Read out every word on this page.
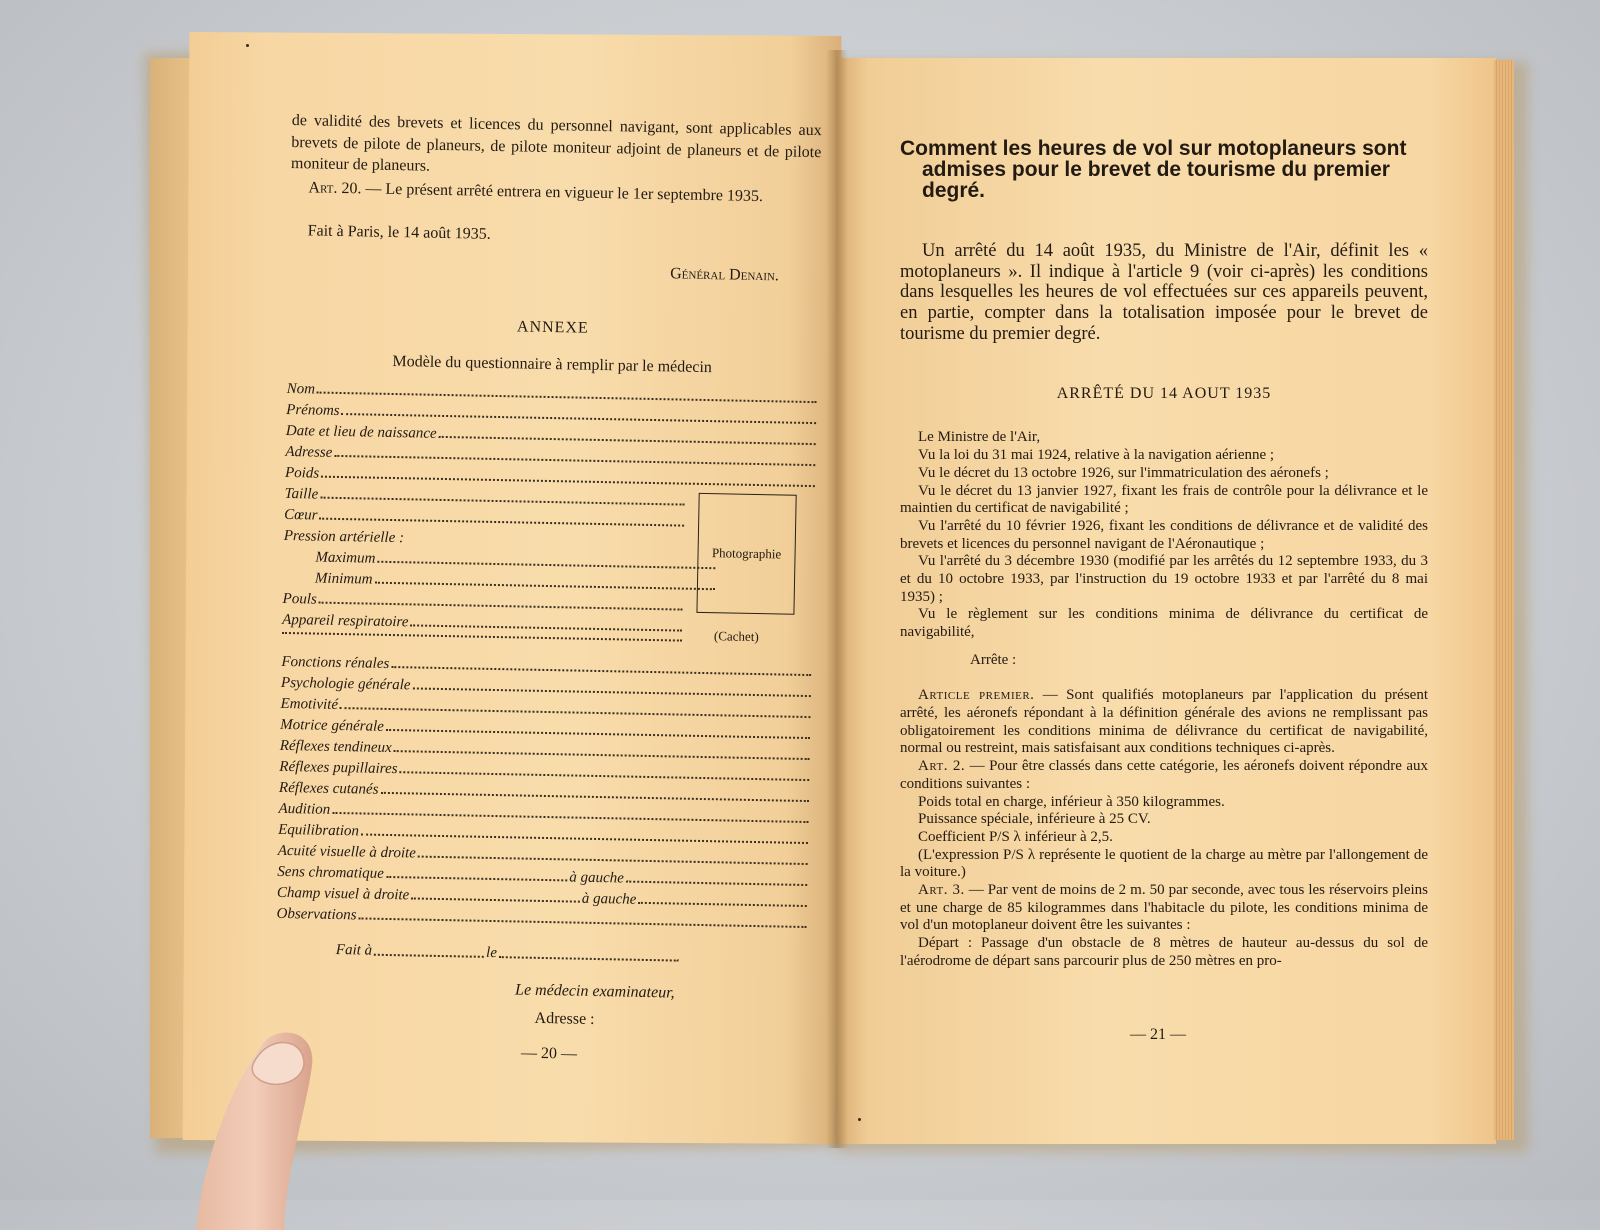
de validité des brevets et licences du personnel navigant, sont applicables aux brevets de pilote de planeurs, de pilote moniteur adjoint de planeurs et de pilote moniteur de planeurs.

Art. 20. — Le présent arrêté entrera en vigueur le 1er septembre 1935.

Fait à Paris, le 14 août 1935.

Général Denain.

ANNEXE

Modèle du questionnaire à remplir par le médecin

Nom
Prénoms
Date et lieu de naissance
Adresse
Poids
Taille
Cœur
Pression artérielle :
Maximum
Minimum
Pouls
Appareil respiratoire
Fonctions rénales
Psychologie générale
Emotivité
Motrice générale
Réflexes tendineux
Réflexes pupillaires
Réflexes cutanés
Audition
Equilibration
Acuité visuelle à droite
Sens chromatique	à gauche
Champ visuel à droite	à gauche
Observations
Photographie
(Cachet)
Fait à	le
Le médecin examinateur,
Adresse :
— 20 —
Comment les heures de vol sur motoplaneurs sont
admises pour le brevet de tourisme du premier
degré.

Un arrêté du 14 août 1935, du Ministre de l'Air, définit les « motoplaneurs ». Il indique à l'article 9 (voir ci-après) les conditions dans lesquelles les heures de vol effectuées sur ces appareils peuvent, en partie, compter dans la totalisation imposée pour le brevet de tourisme du premier degré.

ARRÊTÉ DU 14 AOUT 1935

Le Ministre de l'Air,

Vu la loi du 31 mai 1924, relative à la navigation aérienne ;

Vu le décret du 13 octobre 1926, sur l'immatriculation des aéronefs ;

Vu le décret du 13 janvier 1927, fixant les frais de contrôle pour la délivrance et le maintien du certificat de navigabilité ;

Vu l'arrêté du 10 février 1926, fixant les conditions de délivrance et de validité des brevets et licences du personnel navigant de l'Aéronautique ;

Vu l'arrêté du 3 décembre 1930 (modifié par les arrêtés du 12 septembre 1933, du 3 et du 10 octobre 1933, par l'instruction du 19 octobre 1933 et par l'arrêté du 8 mai 1935) ;

Vu le règlement sur les conditions minima de délivrance du certificat de navigabilité,

Arrête :

Article premier. — Sont qualifiés motoplaneurs par l'application du présent arrêté, les aéronefs répondant à la définition générale des avions ne remplissant pas obligatoirement les conditions minima de délivrance du certificat de navigabilité, normal ou restreint, mais satisfaisant aux conditions techniques ci-après.

Art. 2. — Pour être classés dans cette catégorie, les aéronefs doivent répondre aux conditions suivantes :

Poids total en charge, inférieur à 350 kilogrammes.

Puissance spéciale, inférieure à 25 CV.

Coefficient P/S λ inférieur à 2,5.

(L'expression P/S λ représente le quotient de la charge au mètre par l'allongement de la voiture.)

Art. 3. — Par vent de moins de 2 m. 50 par seconde, avec tous les réservoirs pleins et une charge de 85 kilogrammes dans l'habitacle du pilote, les conditions minima de vol d'un motoplaneur doivent être les suivantes :

Départ : Passage d'un obstacle de 8 mètres de hauteur au-dessus du sol de l'aérodrome de départ sans parcourir plus de 250 mètres en pro-

— 21 —
